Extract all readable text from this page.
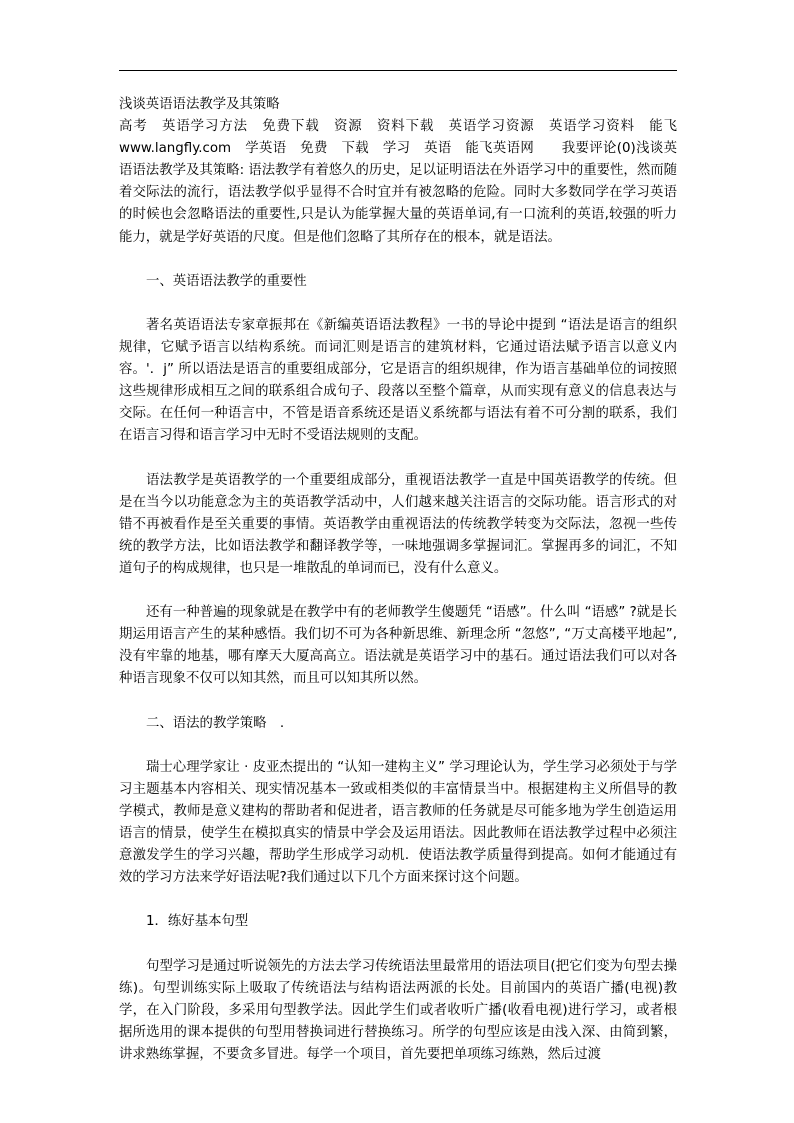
浅谈英语语法教学及其策略

高考　英语学习方法　免费下载　资源　资料下载　英语学习资源　英语学习资料　能飞　www.langfly.com　学英语　免费　下载　学习　英语　能飞英语网　　我要评论(0)浅谈英语语法教学及其策略: 语法教学有着悠久的历史，足以证明语法在外语学习中的重要性，然而随着交际法的流行，语法教学似乎显得不合时宜并有被忽略的危险。同时大多数同学在学习英语的时候也会忽略语法的重要性,只是认为能掌握大量的英语单词,有一口流利的英语,较强的听力能力，就是学好英语的尺度。但是他们忽略了其所存在的根本，就是语法。

一、英语语法教学的重要性

著名英语语法专家章振邦在《新编英语语法教程》一书的导论中提到 “语法是语言的组织规律，它赋予语言以结构系统。而词汇则是语言的建筑材料，它通过语法赋予语言以意义内容。'．j” 所以语法是语言的重要组成部分，它是语言的组织规律，作为语言基础单位的词按照这些规律形成相互之间的联系组合成句子、段落以至整个篇章，从而实现有意义的信息表达与交际。在任何一种语言中，不管是语音系统还是语义系统都与语法有着不可分割的联系，我们在语言习得和语言学习中无时不受语法规则的支配。

语法教学是英语教学的一个重要组成部分，重视语法教学一直是中国英语教学的传统。但是在当今以功能意念为主的英语教学活动中，人们越来越关注语言的交际功能。语言形式的对错不再被看作是至关重要的事情。英语教学由重视语法的传统教学转变为交际法，忽视一些传统的教学方法，比如语法教学和翻译教学等，一味地强调多掌握词汇。掌握再多的词汇，不知道句子的构成规律，也只是一堆散乱的单词而已，没有什么意义。

还有一种普遍的现象就是在教学中有的老师教学生傻题凭 “语感”。什么叫 “语感” ?就是长期运用语言产生的某种感悟。我们切不可为各种新思维、新理念所 “忽悠”, “万丈高楼平地起”, 没有牢靠的地基，哪有摩天大厦高高立。语法就是英语学习中的基石。通过语法我们可以对各种语言现象不仅可以知其然，而且可以知其所以然。

二、语法的教学策略　.

瑞士心理学家让 · 皮亚杰提出的 “认知一建构主义” 学习理论认为，学生学习必须处于与学习主题基本内容相关、现实情况基本一致或相类似的丰富情景当中。根据建构主义所倡导的教学模式，教师是意义建构的帮助者和促进者，语言教师的任务就是尽可能多地为学生创造运用语言的情景，使学生在模拟真实的情景中学会及运用语法。因此教师在语法教学过程中必须注意激发学生的学习兴趣，帮助学生形成学习动机．使语法教学质量得到提高。如何才能通过有效的学习方法来学好语法呢?我们通过以下几个方面来探讨这个问题。

1．练好基本句型

句型学习是通过听说领先的方法去学习传统语法里最常用的语法项目(把它们变为句型去操练)。句型训练实际上吸取了传统语法与结构语法两派的长处。目前国内的英语广播(电视)教学，在入门阶段，多采用句型教学法。因此学生们或者收听广播(收看电视)进行学习，或者根据所选用的课本提供的句型用替换词进行替换练习。所学的句型应该是由浅入深、由简到繁，讲求熟练掌握，不要贪多冒进。每学一个项目，首先要把单项练习练熟，然后过渡
